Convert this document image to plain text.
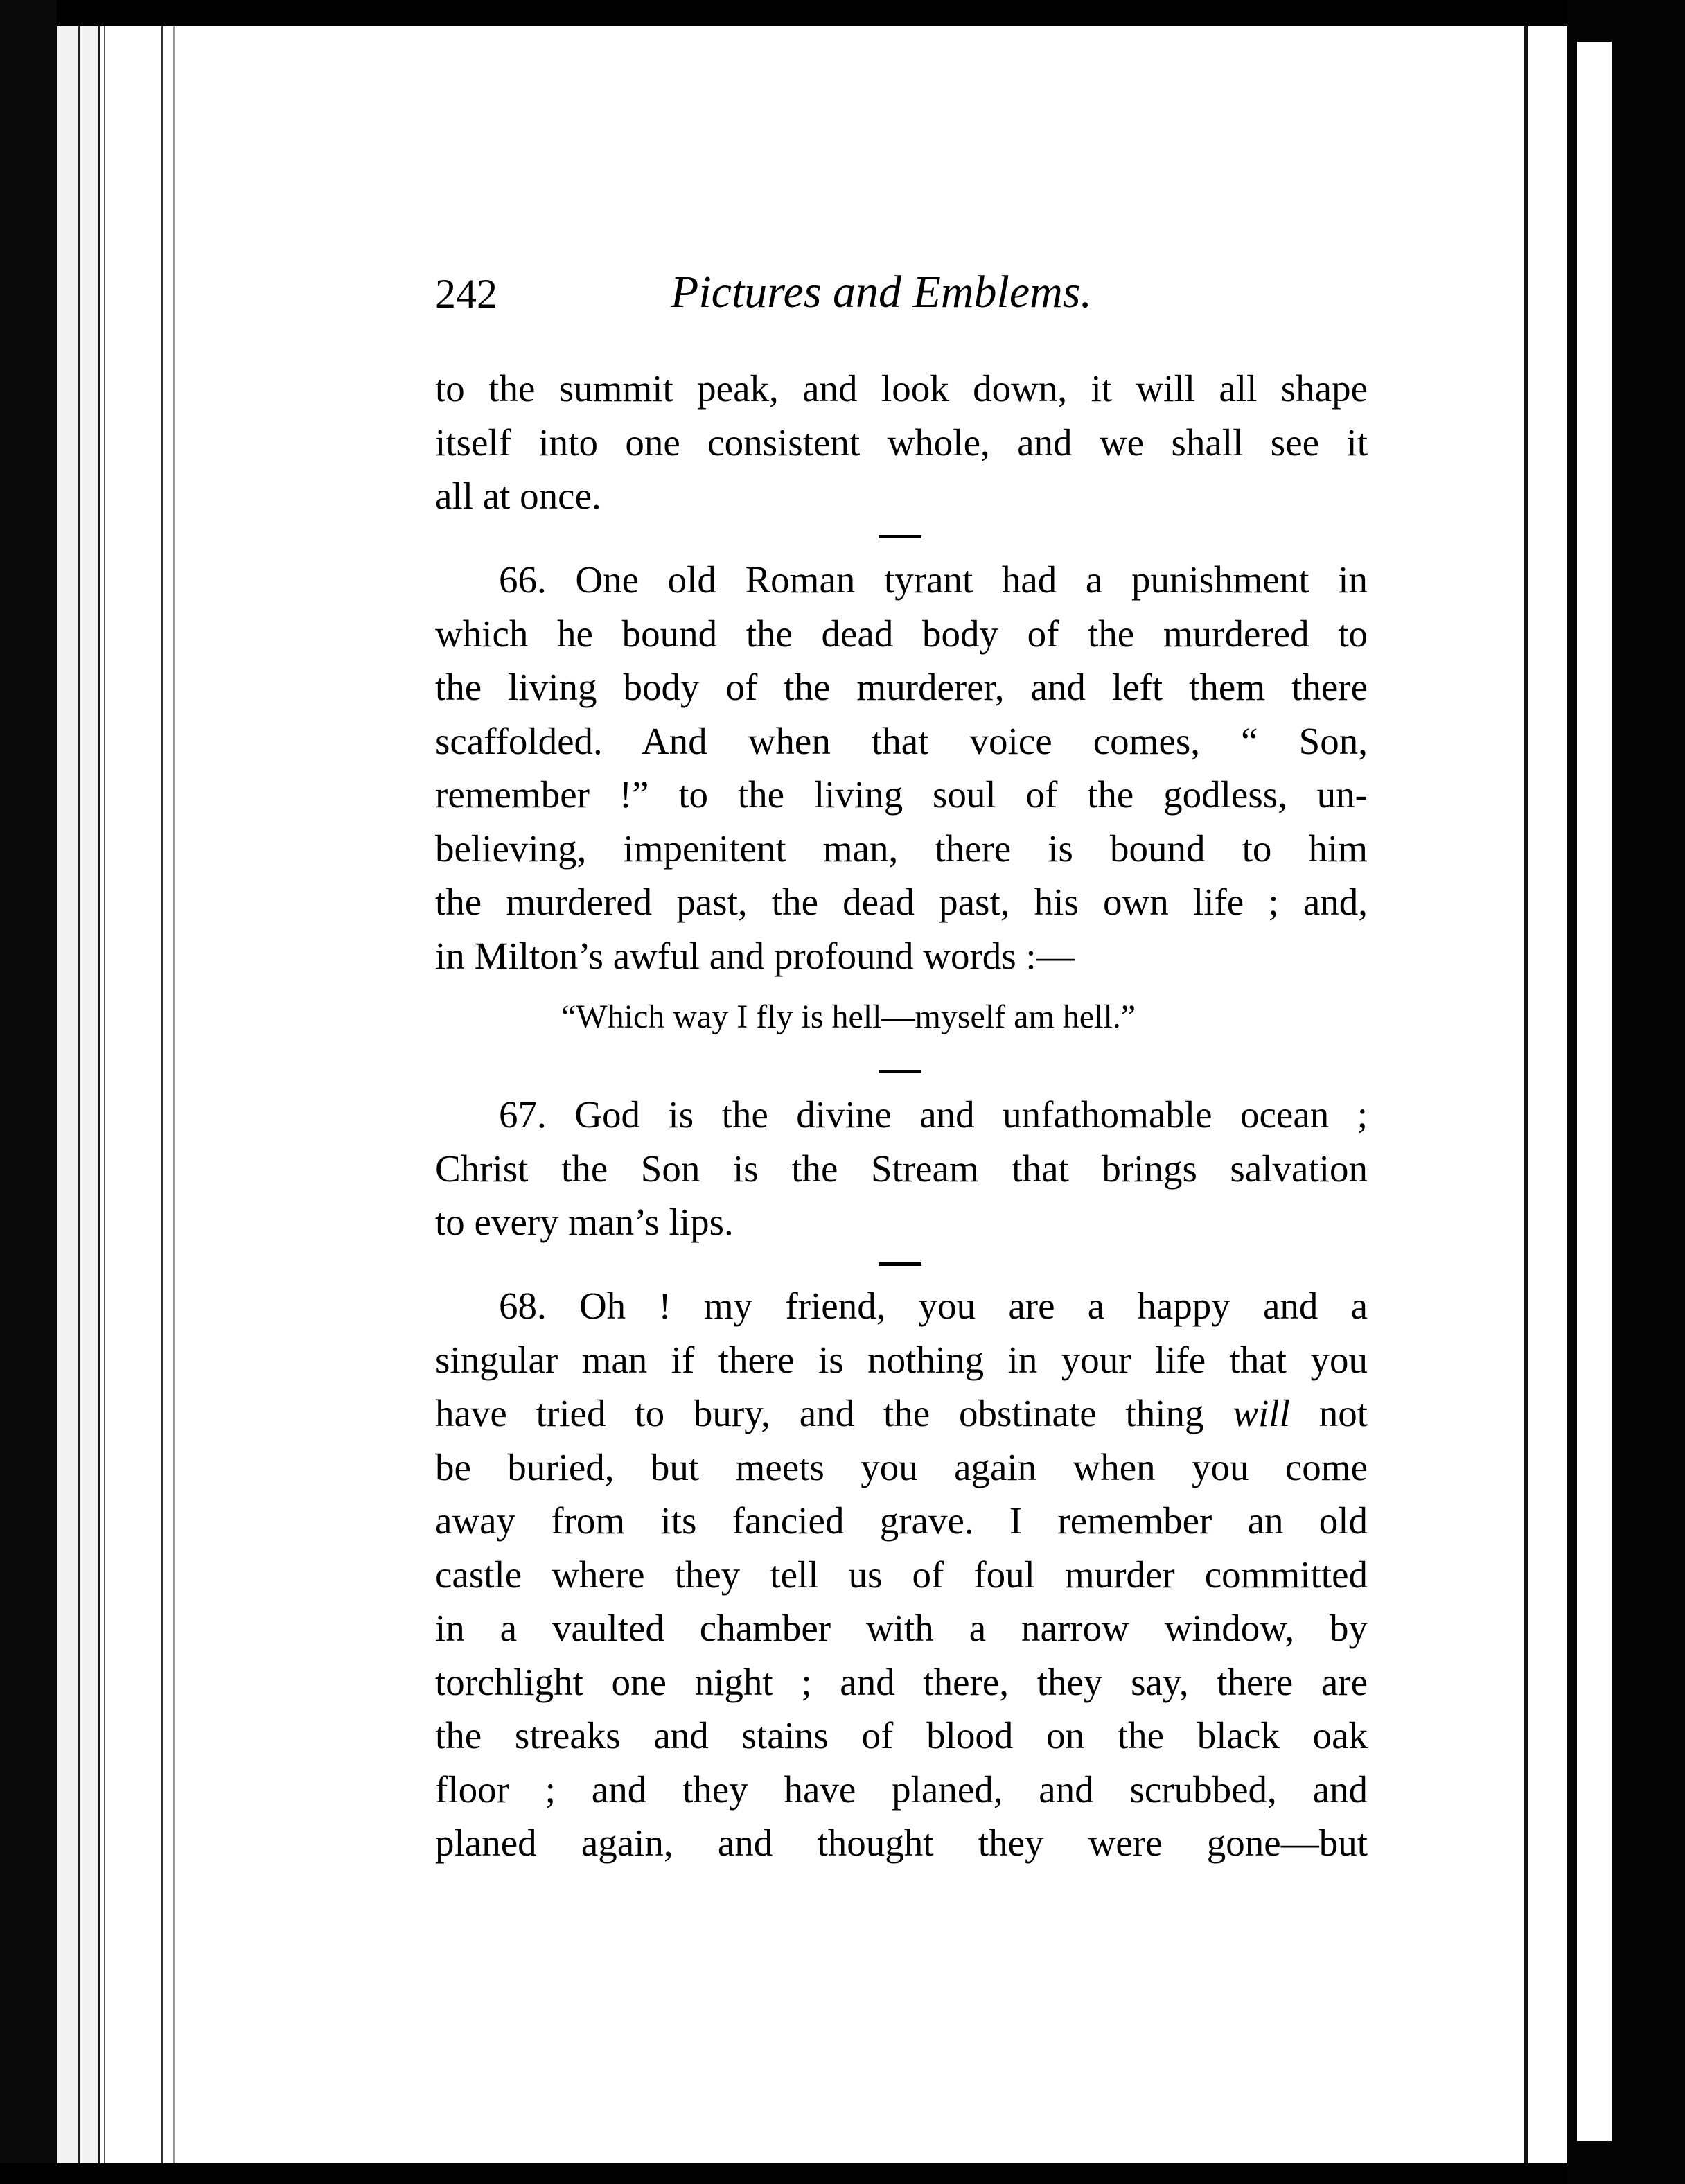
242	Pictures and Emblems.
to the summit peak, and look down, it will all shape
itself into one consistent whole, and we shall see it
all at once.
66. One old Roman tyrant had a punishment in
which he bound the dead body of the murdered to
the living body of the murderer, and left them there
scaffolded. And when that voice comes, “ Son,
remember !” to the living soul of the godless, un-
believing, impenitent man, there is bound to him
the murdered past, the dead past, his own life ; and,
in Milton’s awful and profound words :—
“Which way I fly is hell—myself am hell.”
67. God is the divine and unfathomable ocean ;
Christ the Son is the Stream that brings salvation
to every man’s lips.
68. Oh ! my friend, you are a happy and a
singular man if there is nothing in your life that you
have tried to bury, and the obstinate thing will not
be buried, but meets you again when you come
away from its fancied grave. I remember an old
castle where they tell us of foul murder committed
in a vaulted chamber with a narrow window, by
torchlight one night ; and there, they say, there are
the streaks and stains of blood on the black oak
floor ; and they have planed, and scrubbed, and
planed again, and thought they were gone—but
